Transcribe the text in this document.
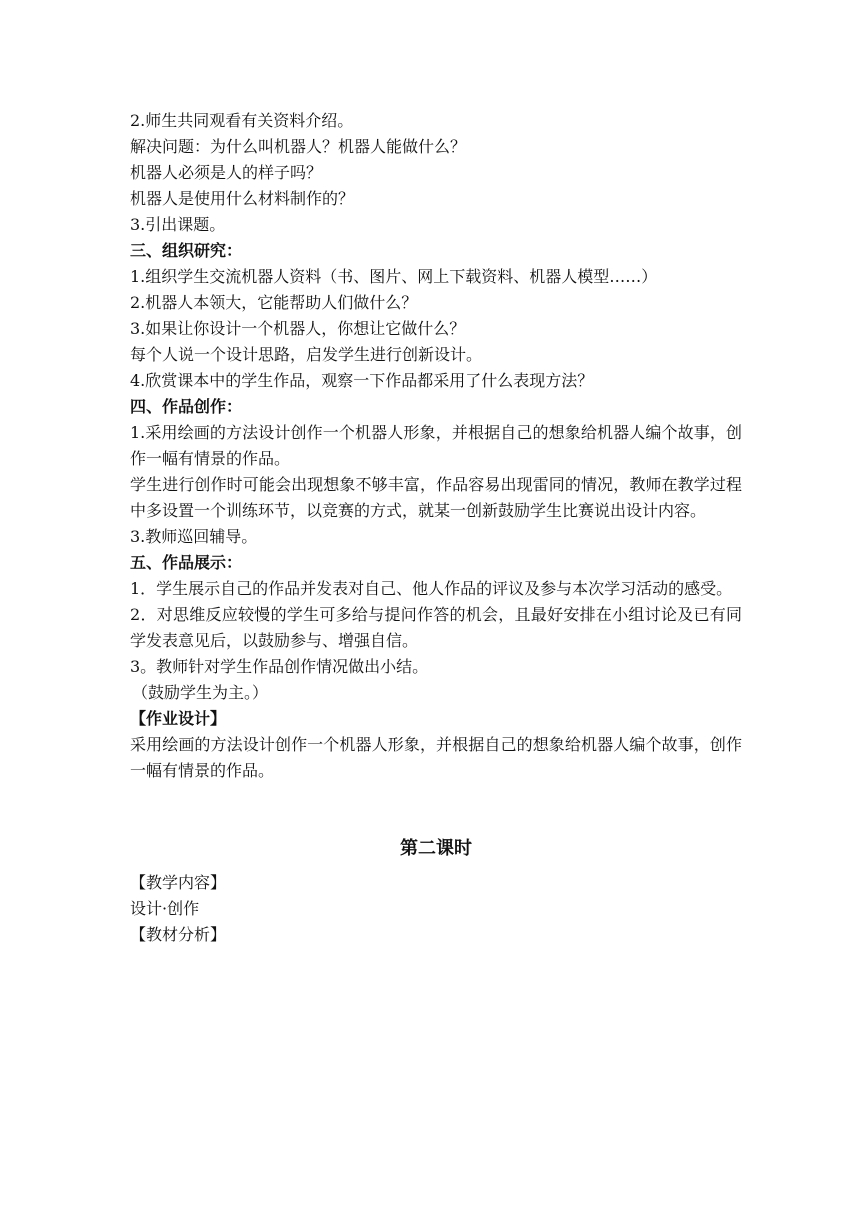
2.师生共同观看有关资料介绍。

解决问题：为什么叫机器人？机器人能做什么？

机器人必须是人的样子吗？

机器人是使用什么材料制作的？

3.引出课题。

三、组织研究：

1.组织学生交流机器人资料（书、图片、网上下载资料、机器人模型……）

2.机器人本领大，它能帮助人们做什么？

3.如果让你设计一个机器人，你想让它做什么？

每个人说一个设计思路，启发学生进行创新设计。

4.欣赏课本中的学生作品，观察一下作品都采用了什么表现方法？

四、作品创作：

1.采用绘画的方法设计创作一个机器人形象，并根据自己的想象给机器人编个故事，创作一幅有情景的作品。

学生进行创作时可能会出现想象不够丰富，作品容易出现雷同的情况，教师在教学过程中多设置一个训练环节，以竞赛的方式，就某一创新鼓励学生比赛说出设计内容。

3.教师巡回辅导。

五、作品展示：

1．学生展示自己的作品并发表对自己、他人作品的评议及参与本次学习活动的感受。

2．对思维反应较慢的学生可多给与提问作答的机会，且最好安排在小组讨论及已有同学发表意见后，以鼓励参与、增强自信。

3。教师针对学生作品创作情况做出小结。

（鼓励学生为主。）

【作业设计】

采用绘画的方法设计创作一个机器人形象，并根据自己的想象给机器人编个故事，创作一幅有情景的作品。

第二课时

【教学内容】

设计·创作

【教材分析】
